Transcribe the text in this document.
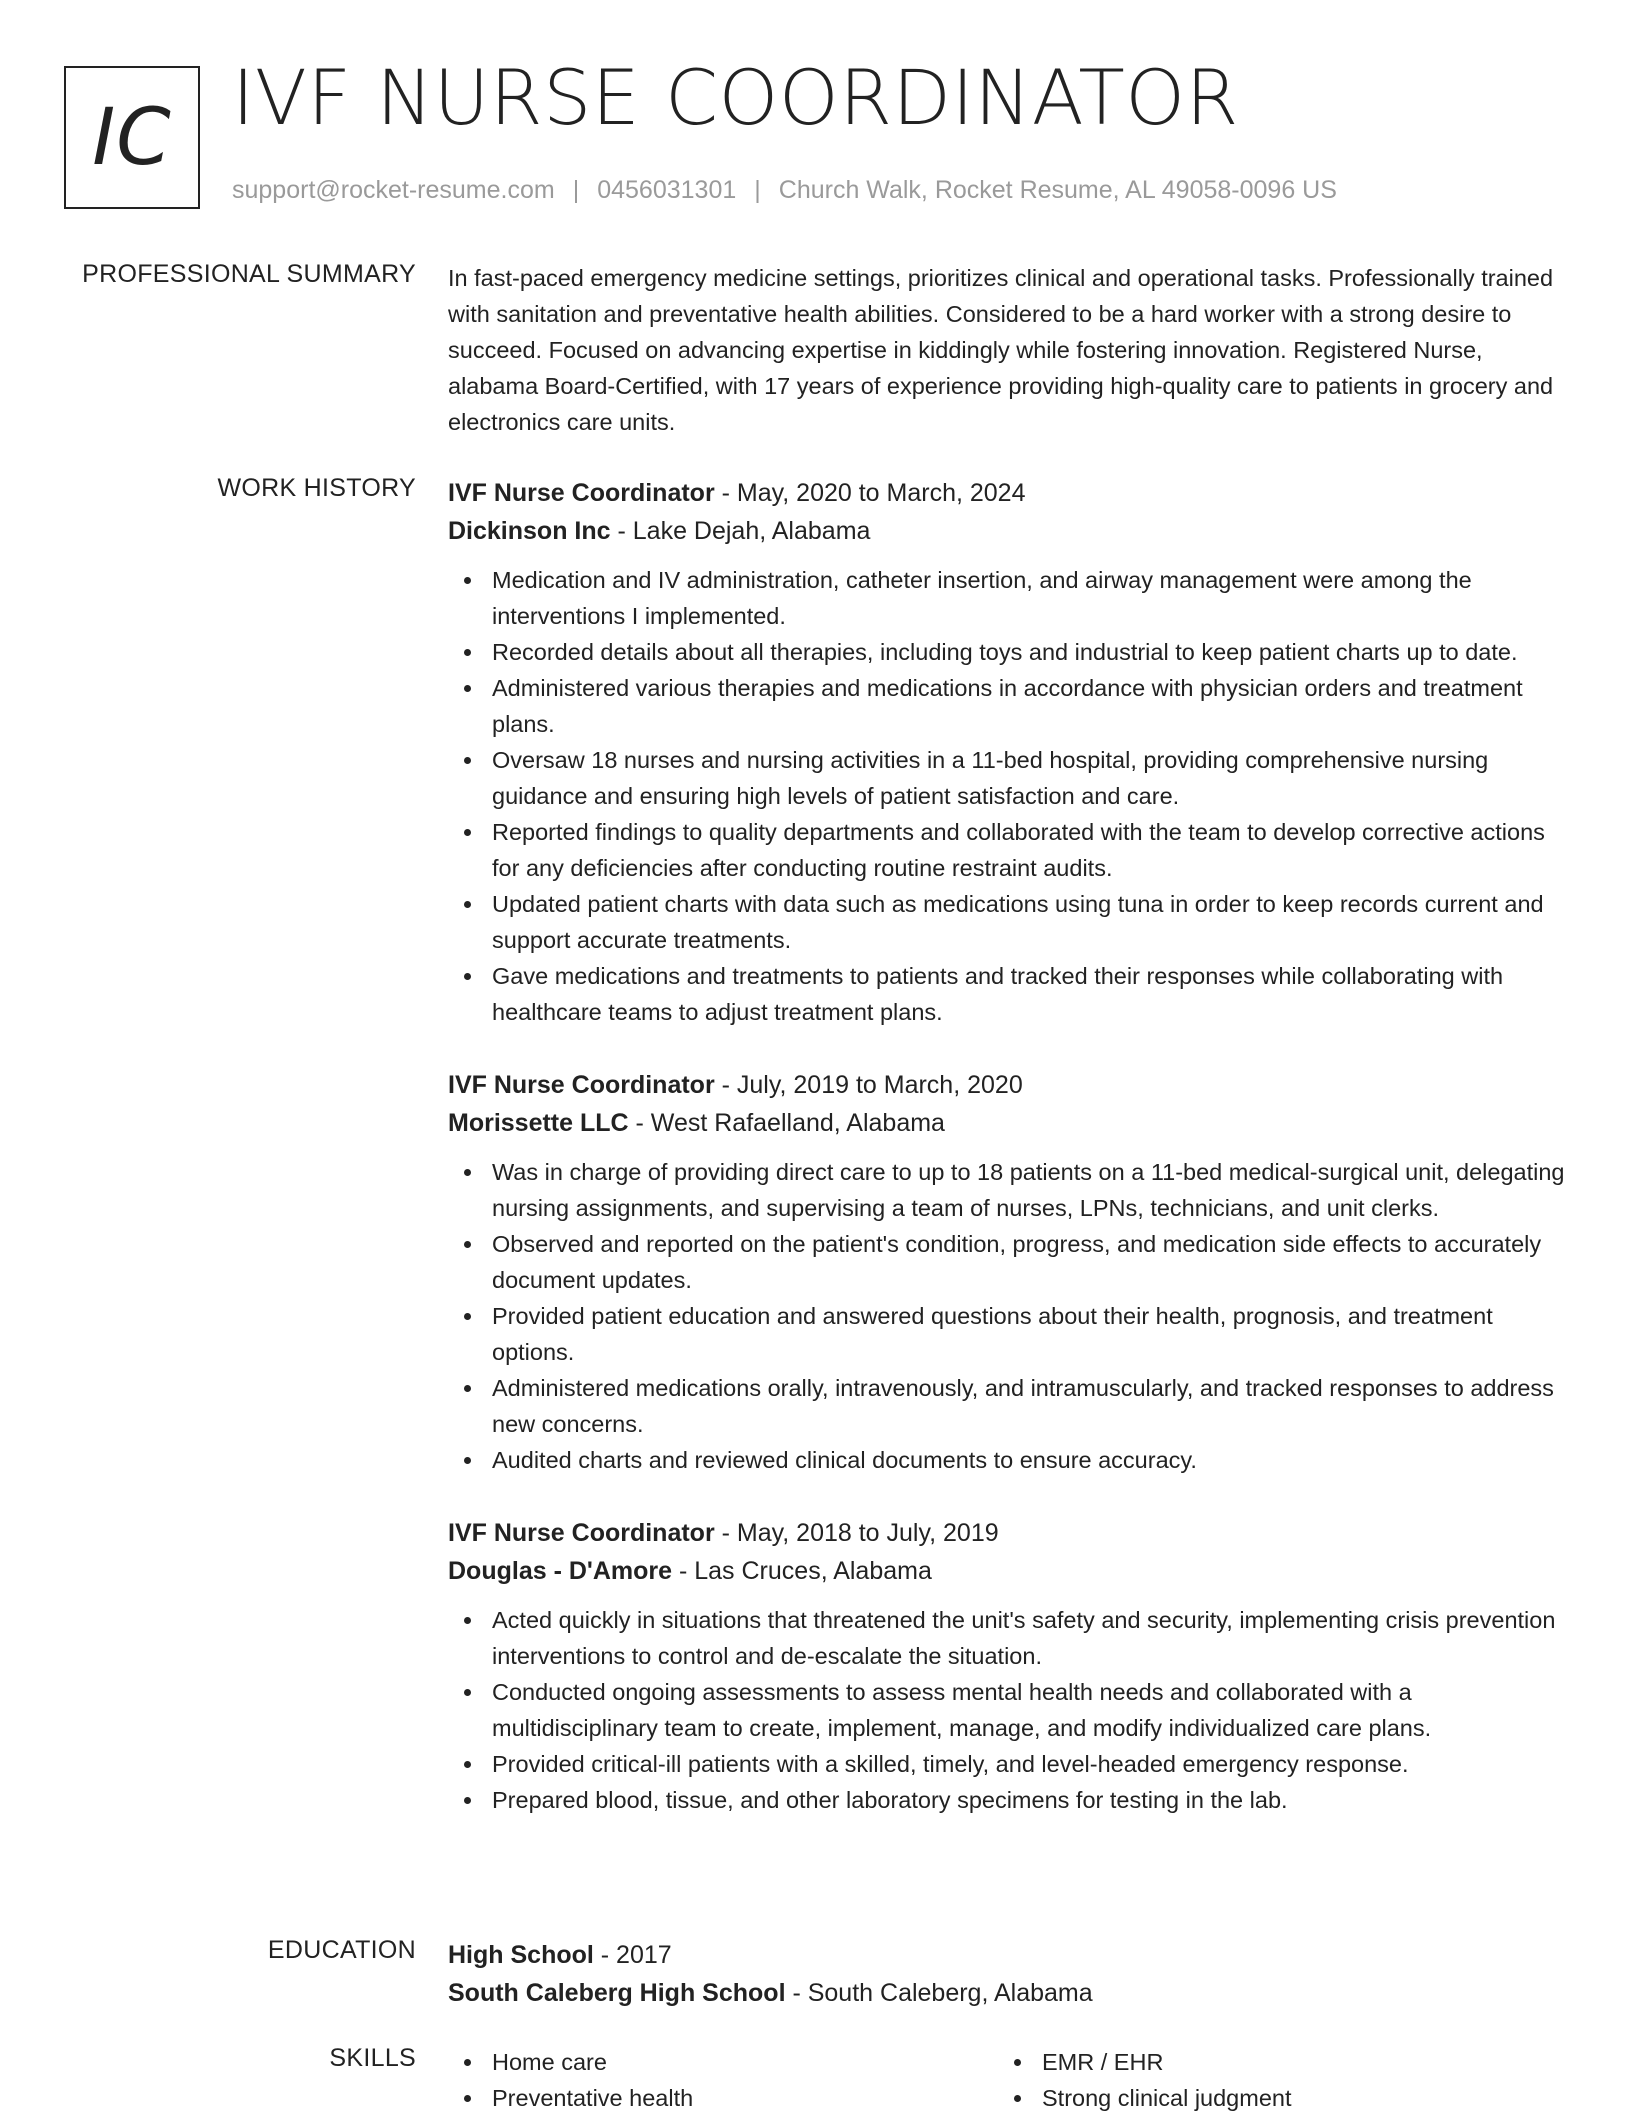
IC IVF NURSE COORDINATOR
support@rocket-resume.com | 0456031301 | Church Walk, Rocket Resume, AL 49058-0096 US
PROFESSIONAL SUMMARY In fast-paced emergency medicine settings, prioritizes clinical and operational tasks. Professionally trained with sanitation and preventative health abilities. Considered to be a hard worker with a strong desire to succeed. Focused on advancing expertise in kiddingly while fostering innovation. Registered Nurse, alabama Board-Certified, with 17 years of experience providing high-quality care to patients in grocery and electronics care units.
WORK HISTORY IVF Nurse Coordinator - May, 2020 to March, 2024
Dickinson Inc - Lake Dejah, Alabama
Medication and IV administration, catheter insertion, and airway management were among the interventions I implemented.
Recorded details about all therapies, including toys and industrial to keep patient charts up to date.
Administered various therapies and medications in accordance with physician orders and treatment plans.
Oversaw 18 nurses and nursing activities in a 11-bed hospital, providing comprehensive nursing guidance and ensuring high levels of patient satisfaction and care.
Reported findings to quality departments and collaborated with the team to develop corrective actions for any deficiencies after conducting routine restraint audits.
Updated patient charts with data such as medications using tuna in order to keep records current and support accurate treatments.
Gave medications and treatments to patients and tracked their responses while collaborating with healthcare teams to adjust treatment plans.
IVF Nurse Coordinator - July, 2019 to March, 2020
Morissette LLC - West Rafaelland, Alabama
Was in charge of providing direct care to up to 18 patients on a 11-bed medical-surgical unit, delegating nursing assignments, and supervising a team of nurses, LPNs, technicians, and unit clerks.
Observed and reported on the patient's condition, progress, and medication side effects to accurately document updates.
Provided patient education and answered questions about their health, prognosis, and treatment options.
Administered medications orally, intravenously, and intramuscularly, and tracked responses to address new concerns.
Audited charts and reviewed clinical documents to ensure accuracy.
IVF Nurse Coordinator - May, 2018 to July, 2019
Douglas - D'Amore - Las Cruces, Alabama
Acted quickly in situations that threatened the unit's safety and security, implementing crisis prevention interventions to control and de-escalate the situation.
Conducted ongoing assessments to assess mental health needs and collaborated with a multidisciplinary team to create, implement, manage, and modify individualized care plans.
Provided critical-ill patients with a skilled, timely, and level-headed emergency response.
Prepared blood, tissue, and other laboratory specimens for testing in the lab.
EDUCATION High School - 2017
South Caleberg High School - South Caleberg, Alabama
SKILLS	Home care
Preventative health
EMR / EHR
Strong clinical judgment
